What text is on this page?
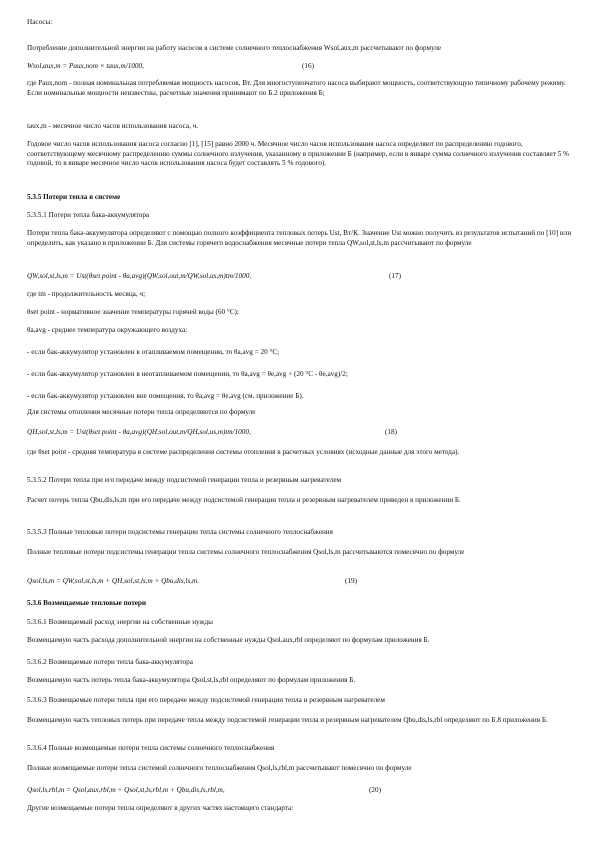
Насосы:
Потребление дополнительной энергии на работу насосов в системе солнечного теплоснабжения Wsol,aux,m рассчитывают по формуле
Wsol,aux,m = Paux,nom × taux,m/1000,	(16)
где Paux,nom - полная номинальная потребляемая мощность насосов, Вт. Для многоступенчатого насоса выбирают мощность, соответствующую типичному рабочему режиму. Если номинальные мощности неизвестны, расчетные значения принимают по Б.2 приложения Б;
taux,m - месячное число часов использования насоса, ч.
Годовое число часов использования насоса согласно [1], [15] равно 2000 ч. Месячное число часов использования насоса определяют по распределению годового, соответствующему месячному распределению суммы солнечного излучения, указанному в приложении Б (например, если в январе сумма солнечного излучения составляет 5 % годовой, то в январе месячное число часов использования насоса будет составлять 5 % годового).
5.3.5 Потери тепла в системе
5.3.5.1 Потери тепла бака-аккумулятора
Потери тепла бака-аккумулятора определяют с помощью полного коэффициента тепловых потерь Ust, Вт/К. Значение Ust можно получить из результатов испытаний по [10] или определить, как указано в приложении Б. Для системы горячего водоснабжения месячные потери тепла QW,sol,st,ls,m рассчитывают по формуле
QW,sol,st,ls,m = Ust(θset point - θa,avg)(QW,sol,out,m/QW,sol,us,m)tm/1000,	(17)
где tm - продолжительность месяца, ч;
θset point - нормативное значение температуры горячей воды (60 °С);
θa,avg - среднее температура окружающего воздуха:
- если бак-аккумулятор установлен в отапливаемом помещении, то θa,avg = 20 °С;
- если бак-аккумулятор установлен в неотапливаемом помещении, то θa,avg = θe,avg + (20 °С - θe,avg)/2;
- если бак-аккумулятор установлен вне помещения, то θa,avg = θe,avg (см. приложение Б).
Для системы отопления месячные потери тепла определяются по формуле
QH,sol,st,ls,m = Ust(θset point - θa,avg)(QH,sol,out,m/QH,sol,us,m)tm/1000,	(18)
где θset point - средняя температура в системе распределения системы отопления в расчетных условиях (исходные данные для этого метода).
5.3.5.2 Потери тепла при его передаче между подсистемой генерации тепла и резервным нагревателем
Расчет потерь тепла Qbu,dis,ls,m при его передаче между подсистемой генерации тепла и резервным нагревателем приведен в приложении Б.
5.3.5.3 Полные тепловые потери подсистемы генерации тепла системы солнечного теплоснабжения
Полные тепловые потери подсистемы генерации тепла системы солнечного теплоснабжения Qsol,ls,m рассчитываются помесячно по формуле
Qsol,ls,m = QW,sol,st,ls,m + QH,sol,st,ls,m + Qbu,dis,ls,m.	(19)
5.3.6 Возмещаемые тепловые потери
5.3.6.1 Возмещаемый расход энергии на собственные нужды
Возмещаемую часть расхода дополнительной энергии на собственные нужды Qsol,aux,rbl определяют по формулам приложения Б.
5.3.6.2 Возмещаемые потери тепла бака-аккумулятора
Возмещаемую часть потерь тепла бака-аккумулятора Qsol,st,ls,rbl определяют по формулам приложения Б.
5.3.6.3 Возмещаемые потери тепла при его передаче между подсистемой генерации тепла и резервным нагревателем
Возмещаемую часть тепловых потерь при передаче тепла между подсистемой генерации тепла и резервным нагревателем Qbu,dis,ls,rbl определяют по Б.8 приложения Б.
5.3.6.4 Полные возмещаемые потери тепла системы солнечного теплоснабжения
Полные возмещаемые потери тепла системой солнечного теплоснабжения Qsol,ls,rbl,m рассчитывают помесячно по формуле
Qsol,ls,rbl,m = Qsol,aux,rbl,m + Qsol,st,ls,rbl,m + Qbu,dis,ls,rbl,m,	(20)
Другие возмещаемые потери тепла определяют в других частях настоящего стандарта:
